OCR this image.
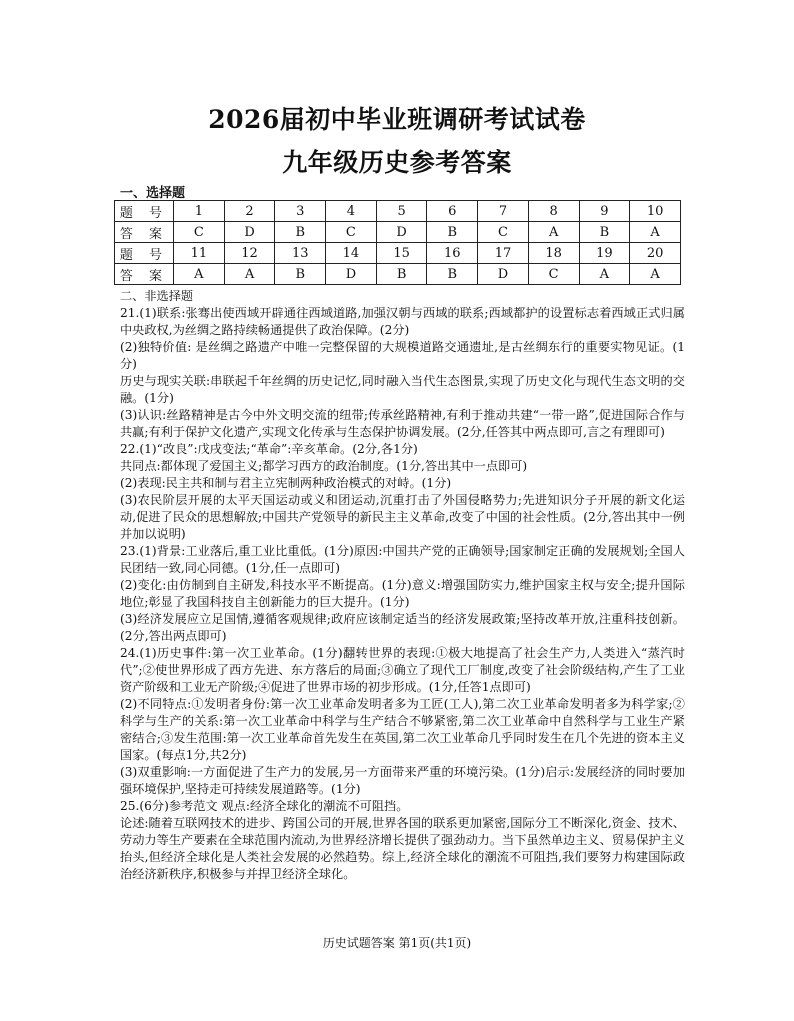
2026届初中毕业班调研考试试卷
九年级历史参考答案
一、选择题
题 号	1	2	3	4	5	6	7	8	9	10
答 案	C	D	B	C	D	B	C	A	B	A
题 号	11	12	13	14	15	16	17	18	19	20
答 案	A	A	B	D	B	B	D	C	A	A

二、非选择题

21.(1)联系:张骞出使西域开辟通往西域道路,加强汉朝与西域的联系;西域都护的设置标志着西域正式归属中央政权,为丝绸之路持续畅通提供了政治保障。(2分)

(2)独特价值: 是丝绸之路遗产中唯一完整保留的大规模道路交通遗址,是古丝绸东行的重要实物见证。(1分)

历史与现实关联:串联起千年丝绸的历史记忆,同时融入当代生态图景,实现了历史文化与现代生态文明的交融。(1分)

(3)认识:丝路精神是古今中外文明交流的纽带;传承丝路精神,有利于推动共建“一带一路”,促进国际合作与共赢;有利于保护文化遗产,实现文化传承与生态保护协调发展。(2分,任答其中两点即可,言之有理即可)

22.(1)“改良”:戊戌变法;“革命”:辛亥革命。(2分,各1分)

共同点:都体现了爱国主义;都学习西方的政治制度。(1分,答出其中一点即可)

(2)表现:民主共和制与君主立宪制两种政治模式的对峙。(1分)

(3)农民阶层开展的太平天国运动或义和团运动,沉重打击了外国侵略势力;先进知识分子开展的新文化运动,促进了民众的思想解放;中国共产党领导的新民主主义革命,改变了中国的社会性质。(2分,答出其中一例并加以说明)

23.(1)背景:工业落后,重工业比重低。(1分)原因:中国共产党的正确领导;国家制定正确的发展规划;全国人民团结一致,同心同德。(1分,任一点即可)

(2)变化:由仿制到自主研发,科技水平不断提高。(1分)意义:增强国防实力,维护国家主权与安全;提升国际地位;彰显了我国科技自主创新能力的巨大提升。(1分)

(3)经济发展应立足国情,遵循客观规律;政府应该制定适当的经济发展政策;坚持改革开放,注重科技创新。(2分,答出两点即可)

24.(1)历史事件:第一次工业革命。(1分)翻转世界的表现:①极大地提高了社会生产力,人类进入“蒸汽时代”;②使世界形成了西方先进、东方落后的局面;③确立了现代工厂制度,改变了社会阶级结构,产生了工业资产阶级和工业无产阶级;④促进了世界市场的初步形成。(1分,任答1点即可)

(2)不同特点:①发明者身份:第一次工业革命发明者多为工匠(工人),第二次工业革命发明者多为科学家;②科学与生产的关系:第一次工业革命中科学与生产结合不够紧密,第二次工业革命中自然科学与工业生产紧密结合;③发生范围:第一次工业革命首先发生在英国,第二次工业革命几乎同时发生在几个先进的资本主义国家。(每点1分,共2分)

(3)双重影响:一方面促进了生产力的发展,另一方面带来严重的环境污染。(1分)启示:发展经济的同时要加强环境保护,坚持走可持续发展道路等。(1分)

25.(6分)参考范文 观点:经济全球化的潮流不可阻挡。

论述:随着互联网技术的进步、跨国公司的开展,世界各国的联系更加紧密,国际分工不断深化,资金、技术、劳动力等生产要素在全球范围内流动,为世界经济增长提供了强劲动力。当下虽然单边主义、贸易保护主义抬头,但经济全球化是人类社会发展的必然趋势。综上,经济全球化的潮流不可阻挡,我们要努力构建国际政治经济新秩序,积极参与并捍卫经济全球化。

历史试题答案 第1页(共1页)
